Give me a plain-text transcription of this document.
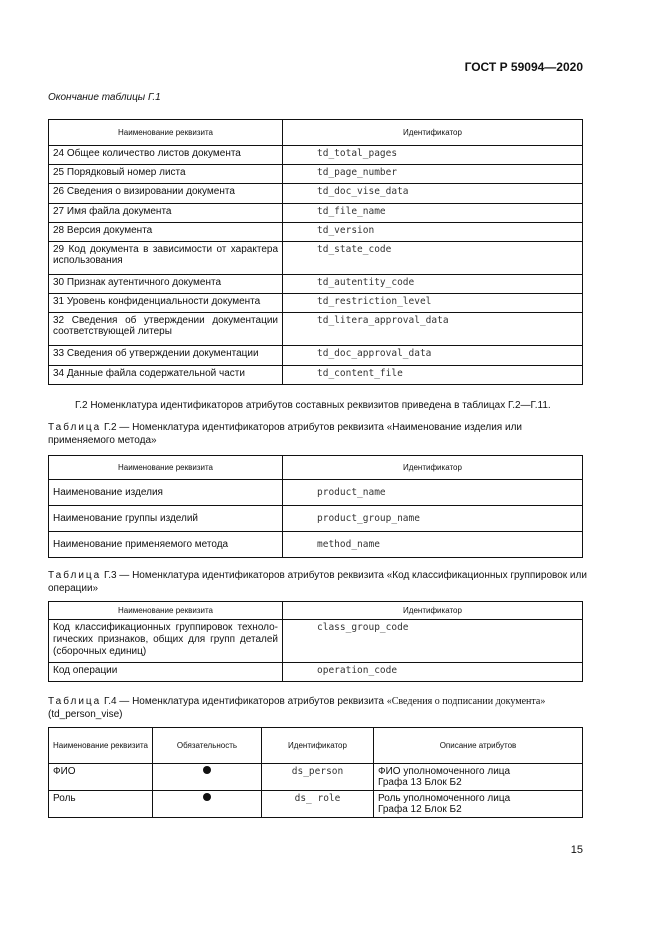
ГОСТ Р 59094—2020
Окончание таблицы Г.1
Наименование реквизита	Идентификатор
24 Общее количество листов документа	td_total_pages
25 Порядковый номер листа	td_page_number
26 Сведения о визировании документа	td_doc_vise_data
27 Имя файла документа	td_file_name
28 Версия документа	td_version
29 Код документа в зависимости от характера использования	td_state_code
30 Признак аутентичного документа	td_autentity_code
31 Уровень конфиденциальности документа	td_restriction_level
32 Сведения об утверждении документации соответствующей литеры	td_litera_approval_data
33 Сведения об утверждении документации	td_doc_approval_data
34 Данные файла содержательной части	td_content_file
Г.2 Номенклатура идентификаторов атрибутов составных реквизитов приведена в таблицах Г.2—Г.11.
Таблица Г.2 — Номенклатура идентификаторов атрибутов реквизита «Наименование изделия или применяемого метода»
Наименование реквизита	Идентификатор
Наименование изделия	product_name
Наименование группы изделий	product_group_name
Наименование применяемого метода	method_name
Таблица Г.3 — Номенклатура идентификаторов атрибутов реквизита «Код классификационных группировок или операции»
Наименование реквизита	Идентификатор
Код классификационных группировок техноло-гических признаков, общих для групп деталей (сборочных единиц)	class_group_code
Код операции	operation_code
Таблица Г.4 — Номенклатура идентификаторов атрибутов реквизита «Сведения о подписании документа» (td_person_vise)
Наименование реквизита	Обязательность	Идентификатор	Описание атрибутов
ФИО		ds_person	ФИО уполномоченного лица
Графа 13 Блок Б2

Роль		ds_ role	Роль уполномоченного лица
Графа 12 Блок Б2
15
